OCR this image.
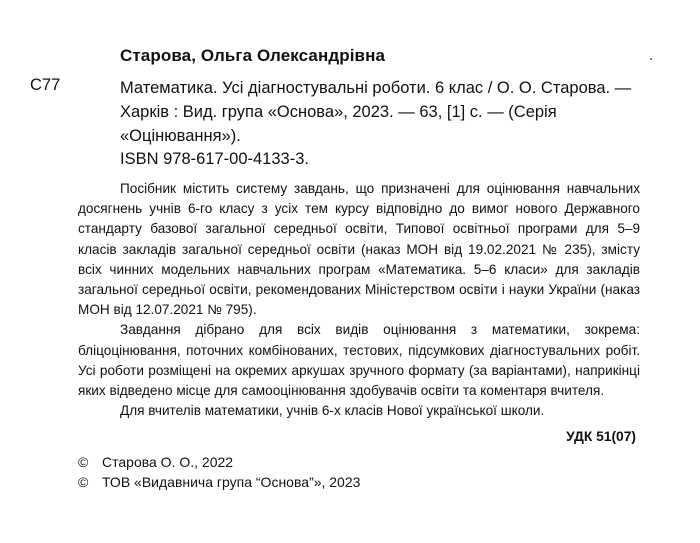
Старова, Ольга Олександрівна
С77	Математика. Усі діагностувальні роботи. 6 клас / О. О. Старова. — Харків : Вид. група «Основа», 2023. — 63, [1] с. — (Серія «Оцінювання»).
ISBN 978-617-00-4133-3.

Посібник містить систему завдань, що призначені для оцінювання навчальних досягнень учнів 6-го класу з усіх тем курсу відповідно до вимог нового Державного стандарту базової загальної середньої освіти, Типової освітньої програми для 5–9 класів закладів загальної середньої освіти (наказ МОН від 19.02.2021 № 235), змісту всіх чинних модельних навчальних програм «Математика. 5–6 класи» для закладів загальної середньої освіти, рекомендованих Міністерством освіти і науки України (наказ МОН від 12.07.2021 № 795).

Завдання дібрано для всіх видів оцінювання з математики, зокрема: бліцоцінювання, поточних комбінованих, тестових, підсумкових діагностувальних робіт. Усі роботи розміщені на окремих аркушах зручного формату (за варіантами), наприкінці яких відведено місце для самооцінювання здобувачів освіти та коментаря вчителя.

Для вчителів математики, учнів 6-х класів Нової української школи.

УДК 51(07)
© Старова О. О., 2022
© ТОВ «Видавнича група “Основа”», 2023
